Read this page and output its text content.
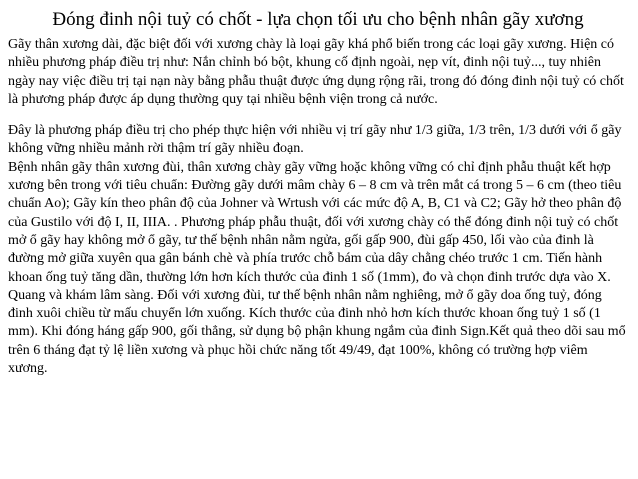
Đóng đinh nội tuỷ có chốt - lựa chọn tối ưu cho bệnh nhân gãy xương

Gãy thân xương dài, đặc biệt đối với xương chày là loại gãy khá phổ biến trong các loại gãy xương. Hiện có nhiều phương pháp điều trị như: Nắn chỉnh bó bột, khung cố định ngoài, nẹp vít, đinh nội tuỷ..., tuy nhiên ngày nay việc điều trị tại nạn này bằng phẫu thuật được ứng dụng rộng rãi, trong đó đóng đinh nội tuỷ có chốt là phương pháp được áp dụng thường quy tại nhiều bệnh viện trong cả nước.

Đây là phương pháp điều trị cho phép thực hiện với nhiều vị trí gãy như 1/3 giữa, 1/3 trên, 1/3 dưới với ổ gãy không vững nhiều mảnh rời thậm trí gãy nhiều đoạn.

Bệnh nhân gãy thân xương đùi, thân xương chày gãy vững hoặc không vững có chỉ định phẫu thuật kết hợp xương bên trong với tiêu chuẩn: Đường gãy dưới mâm chày 6 – 8 cm và trên mắt cá trong 5 – 6 cm (theo tiêu chuẩn Ao); Gãy kín theo phân độ của Johner và Wrtush với các mức độ A, B, C1 và C2; Gãy hở theo phân độ của Gustilo với độ I, II, IIIA. . Phương pháp phẫu thuật, đối với xương chày có thể đóng đinh nội tuỷ có chốt mở ổ gãy hay không mở ổ gãy, tư thế bệnh nhân nằm ngửa, gối gấp 900, đùi gấp 450, lối vào của đinh là đường mở giữa xuyên qua gân bánh chè và phía trước chỗ bám của dây chằng chéo trước 1 cm. Tiến hành khoan ống tuỷ tăng dần, thường lớn hơn kích thước của đinh 1 số (1mm), đo và chọn đinh trước dựa vào X. Quang và khám lâm sàng. Đối với xương đùi, tư thế bệnh nhân nằm nghiêng, mở ổ gãy doa ống tuỷ, đóng đinh xuôi chiều từ mấu chuyển lớn xuống. Kích thước của đinh nhỏ hơn kích thước khoan ống tuỷ 1 số (1 mm). Khi đóng háng gấp 900, gối thẳng, sử dụng bộ phận khung ngắm của đinh Sign.Kết quả theo dõi sau mổ trên 6 tháng đạt tỷ lệ liền xương và phục hồi chức năng tốt 49/49, đạt 100%, không có trường hợp viêm xương.
